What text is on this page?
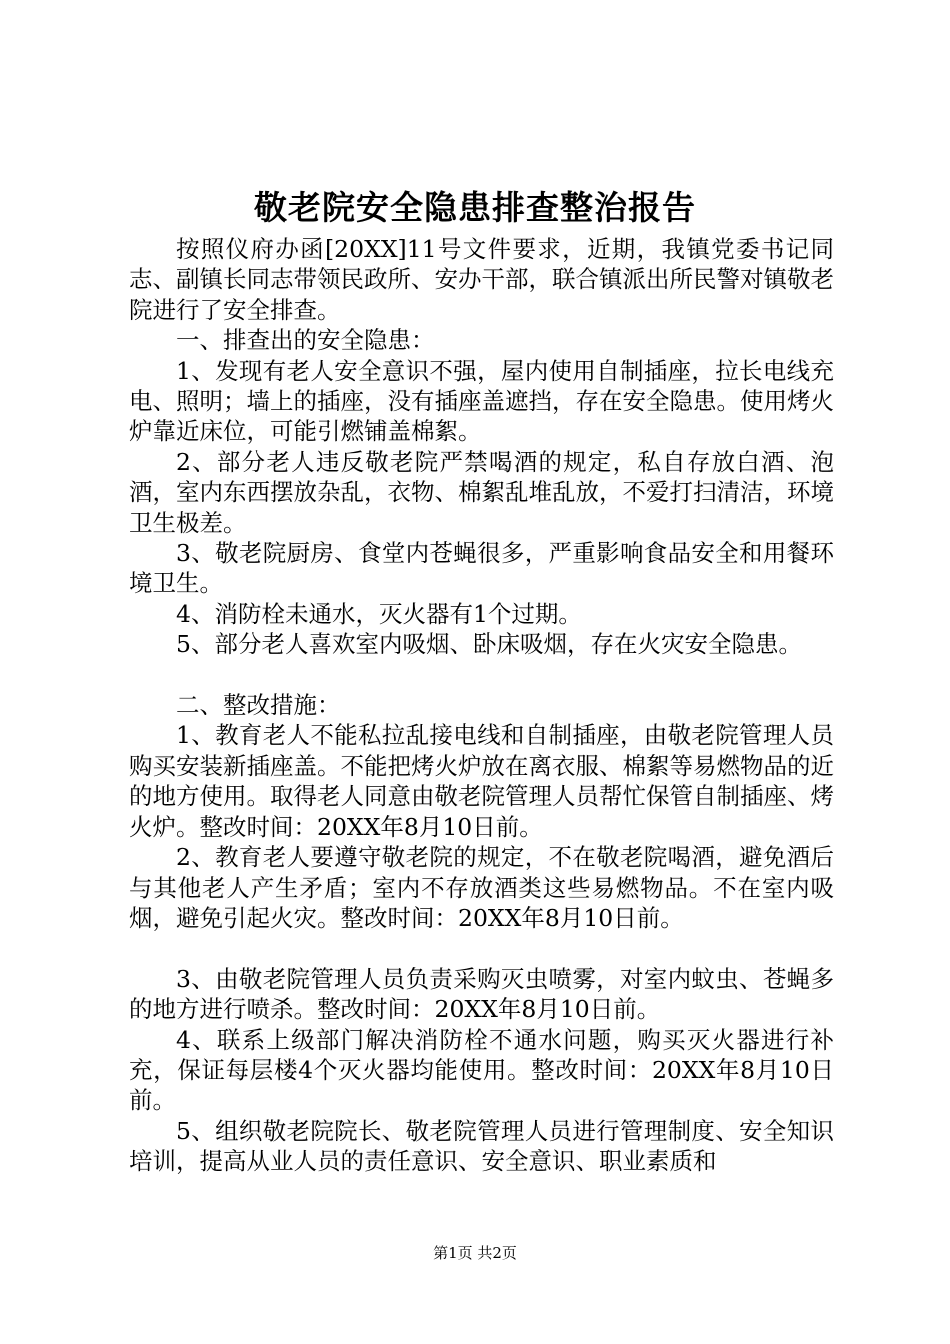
敬老院安全隐患排查整治报告

按照仪府办函[20XX]11号文件要求，近期，我镇党委书记同志、副镇长同志带领民政所、安办干部，联合镇派出所民警对镇敬老院进行了安全排查。

一、排查出的安全隐患：

1、发现有老人安全意识不强，屋内使用自制插座，拉长电线充电、照明；墙上的插座，没有插座盖遮挡，存在安全隐患。使用烤火炉靠近床位，可能引燃铺盖棉絮。

2、部分老人违反敬老院严禁喝酒的规定，私自存放白酒、泡酒，室内东西摆放杂乱，衣物、棉絮乱堆乱放，不爱打扫清洁，环境卫生极差。

3、敬老院厨房、食堂内苍蝇很多，严重影响食品安全和用餐环境卫生。

4、消防栓未通水，灭火器有1个过期。

5、部分老人喜欢室内吸烟、卧床吸烟，存在火灾安全隐患。

二、整改措施：

1、教育老人不能私拉乱接电线和自制插座，由敬老院管理人员购买安装新插座盖。不能把烤火炉放在离衣服、棉絮等易燃物品的近的地方使用。取得老人同意由敬老院管理人员帮忙保管自制插座、烤火炉。整改时间：20XX年8月10日前。

2、教育老人要遵守敬老院的规定，不在敬老院喝酒，避免酒后与其他老人产生矛盾；室内不存放酒类这些易燃物品。不在室内吸烟，避免引起火灾。整改时间：20XX年8月10日前。

3、由敬老院管理人员负责采购灭虫喷雾，对室内蚊虫、苍蝇多的地方进行喷杀。整改时间：20XX年8月10日前。

4、联系上级部门解决消防栓不通水问题，购买灭火器进行补充，保证每层楼4个灭火器均能使用。整改时间：20XX年8月10日前。

5、组织敬老院院长、敬老院管理人员进行管理制度、安全知识培训，提高从业人员的责任意识、安全意识、职业素质和

第1页 共2页
